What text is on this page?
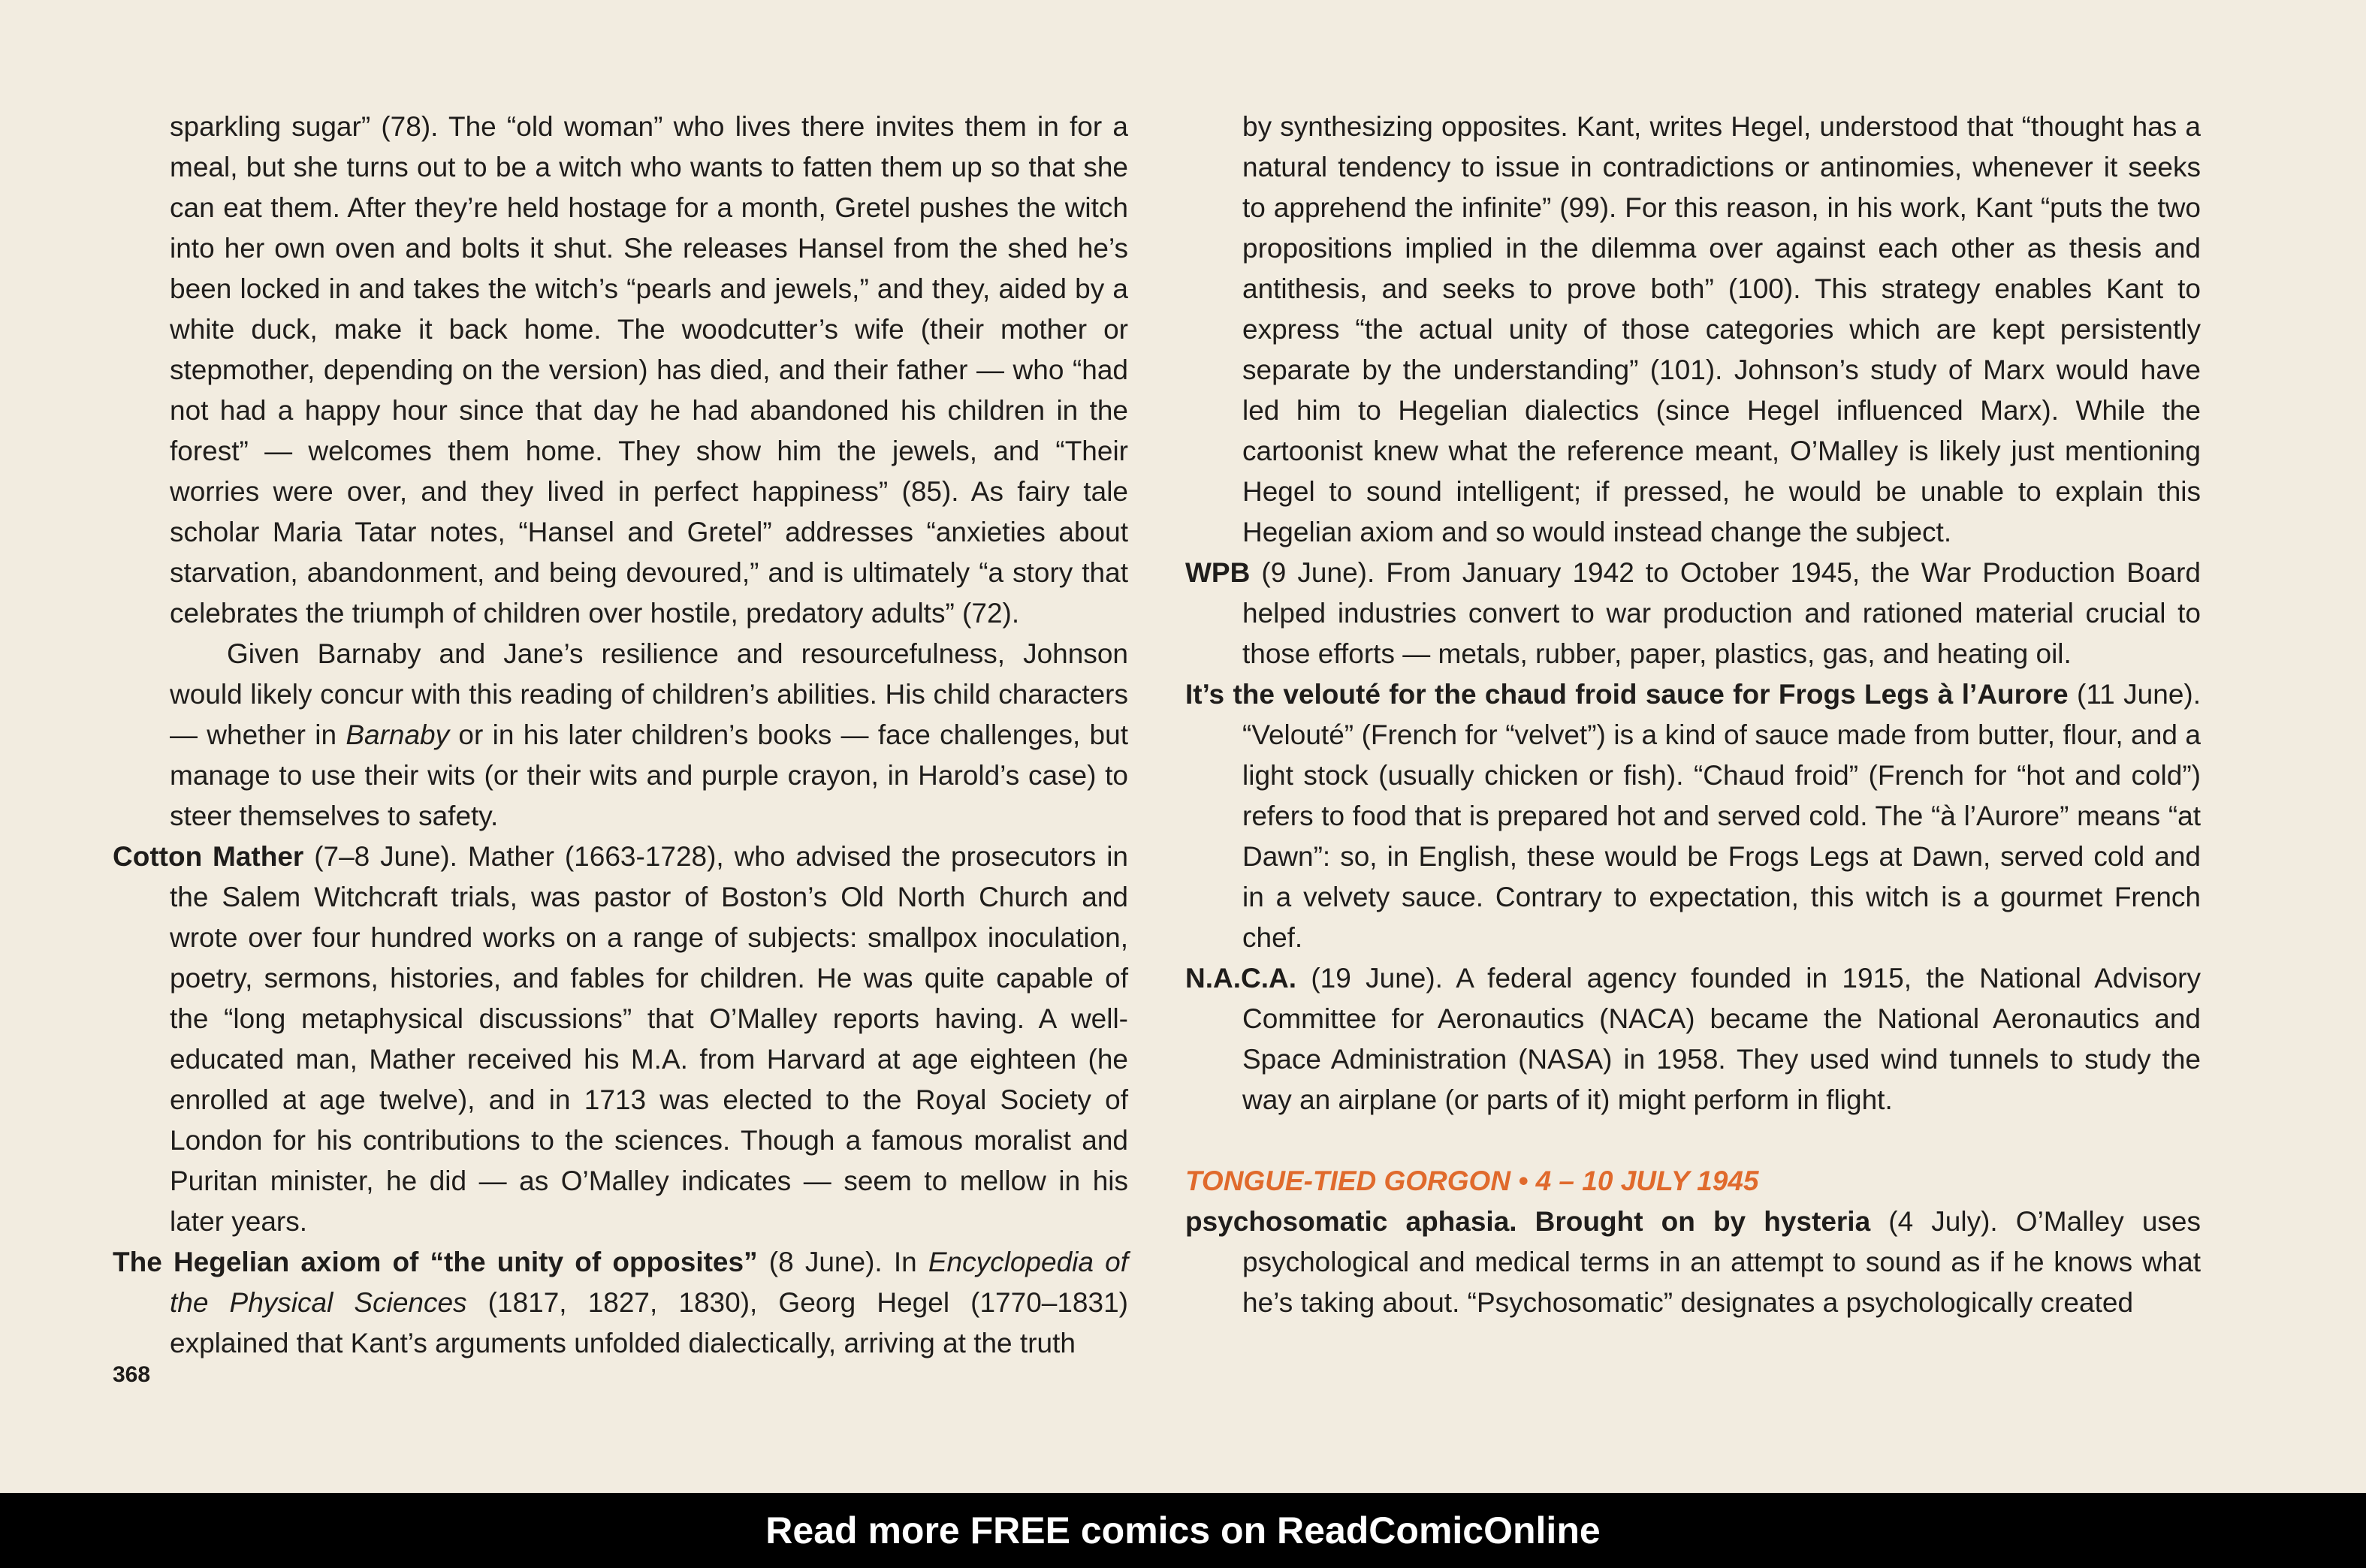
sparkling sugar” (78). The “old woman” who lives there invites them in for a meal, but she turns out to be a witch who wants to fatten them up so that she can eat them. After they’re held hostage for a month, Gretel pushes the witch into her own oven and bolts it shut. She releases Hansel from the shed he’s been locked in and takes the witch’s “pearls and jewels,” and they, aided by a white duck, make it back home. The woodcutter’s wife (their mother or stepmother, depending on the version) has died, and their father — who “had not had a happy hour since that day he had abandoned his children in the forest” — welcomes them home. They show him the jewels, and “Their worries were over, and they lived in perfect happiness” (85). As fairy tale scholar Maria Tatar notes, “Hansel and Gretel” addresses “anxieties about starvation, abandonment, and being devoured,” and is ultimately “a story that celebrates the triumph of children over hostile, predatory adults” (72).

Given Barnaby and Jane’s resilience and resourcefulness, Johnson would likely concur with this reading of children’s abilities. His child characters — whether in Barnaby or in his later children’s books — face challenges, but manage to use their wits (or their wits and purple crayon, in Harold’s case) to steer themselves to safety.

Cotton Mather (7–8 June). Mather (1663-1728), who advised the prosecutors in the Salem Witchcraft trials, was pastor of Boston’s Old North Church and wrote over four hundred works on a range of subjects: smallpox inoculation, poetry, sermons, histories, and fables for children. He was quite capable of the “long metaphysical discussions” that O’Malley reports having. A well-educated man, Mather received his M.A. from Harvard at age eighteen (he enrolled at age twelve), and in 1713 was elected to the Royal Society of London for his contributions to the sciences. Though a famous moralist and Puritan minister, he did — as O’Malley indicates — seem to mellow in his later years.

The Hegelian axiom of “the unity of opposites” (8 June). In Encyclopedia of the Physical Sciences (1817, 1827, 1830), Georg Hegel (1770–1831) explained that Kant’s arguments unfolded dialectically, arriving at the truth

by synthesizing opposites. Kant, writes Hegel, understood that “thought has a natural tendency to issue in contradictions or antinomies, whenever it seeks to apprehend the infinite” (99). For this reason, in his work, Kant “puts the two propositions implied in the dilemma over against each other as thesis and antithesis, and seeks to prove both” (100). This strategy enables Kant to express “the actual unity of those categories which are kept persistently separate by the understanding” (101). Johnson’s study of Marx would have led him to Hegelian dialectics (since Hegel influenced Marx). While the cartoonist knew what the reference meant, O’Malley is likely just mentioning Hegel to sound intelligent; if pressed, he would be unable to explain this Hegelian axiom and so would instead change the subject.

WPB (9 June). From January 1942 to October 1945, the War Production Board helped industries convert to war production and rationed material crucial to those efforts — metals, rubber, paper, plastics, gas, and heating oil.

It’s the velouté for the chaud froid sauce for Frogs Legs à l’Aurore (11 June). “Velouté” (French for “velvet”) is a kind of sauce made from butter, flour, and a light stock (usually chicken or fish). “Chaud froid” (French for “hot and cold”) refers to food that is prepared hot and served cold. The “à l’Aurore” means “at Dawn”: so, in English, these would be Frogs Legs at Dawn, served cold and in a velvety sauce. Contrary to expectation, this witch is a gourmet French chef.

N.A.C.A. (19 June). A federal agency founded in 1915, the National Advisory Committee for Aeronautics (NACA) became the National Aeronautics and Space Administration (NASA) in 1958. They used wind tunnels to study the way an airplane (or parts of it) might perform in flight.

TONGUE-TIED GORGON • 4 – 10 JULY 1945

psychosomatic aphasia. Brought on by hysteria (4 July). O’Malley uses psychological and medical terms in an attempt to sound as if he knows what he’s taking about. “Psychosomatic” designates a psychologically created

368
Read more FREE comics on ReadComicOnline
